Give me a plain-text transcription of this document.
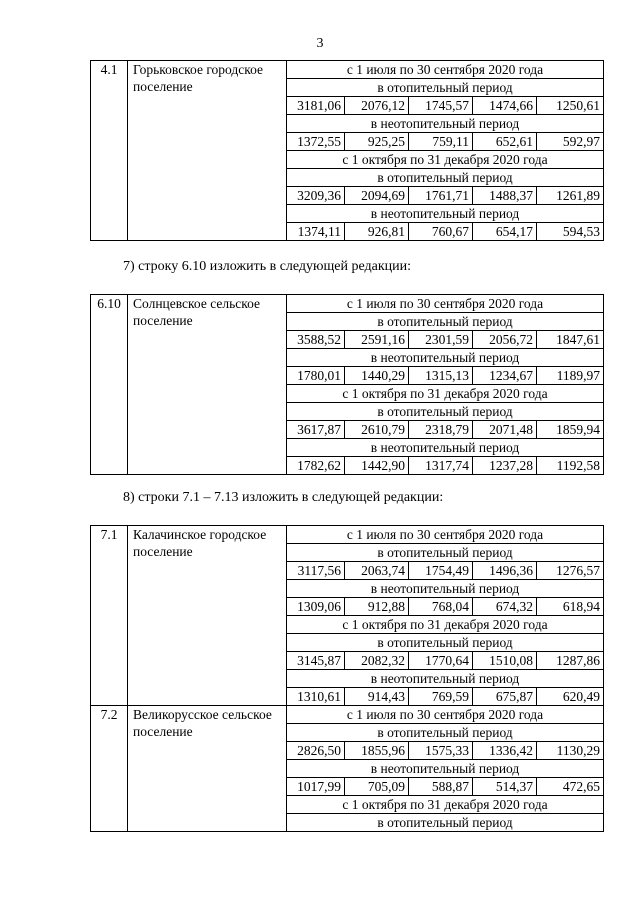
3
4.1	Горьковское городское поселение	с 1 июля по 30 сентября 2020 года				
		в отопительный период				
		3181,06	2076,12	1745,57	1474,66	1250,61
		в неотопительный период				
		1372,55	925,25	759,11	652,61	592,97
		с 1 октября по 31 декабря 2020 года				
		в отопительный период				
		3209,36	2094,69	1761,71	1488,37	1261,89
		в неотопительный период				
		1374,11	926,81	760,67	654,17	594,53
7) строку 6.10 изложить в следующей редакции:
6.10	Солнцевское сельское поселение	с 1 июля по 30 сентября 2020 года				
		в отопительный период				
		3588,52	2591,16	2301,59	2056,72	1847,61
		в неотопительный период				
		1780,01	1440,29	1315,13	1234,67	1189,97
		с 1 октября по 31 декабря 2020 года				
		в отопительный период				
		3617,87	2610,79	2318,79	2071,48	1859,94
		в неотопительный период				
		1782,62	1442,90	1317,74	1237,28	1192,58
8) строки 7.1 – 7.13 изложить в следующей редакции:
7.1	Калачинское городское поселение	с 1 июля по 30 сентября 2020 года				
		в отопительный период				
		3117,56	2063,74	1754,49	1496,36	1276,57
		в неотопительный период				
		1309,06	912,88	768,04	674,32	618,94
		с 1 октября по 31 декабря 2020 года				
		в отопительный период				
		3145,87	2082,32	1770,64	1510,08	1287,86
		в неотопительный период				
		1310,61	914,43	769,59	675,87	620,49
7.2	Великорусское сельское поселение	с 1 июля по 30 сентября 2020 года				
		в отопительный период				
		2826,50	1855,96	1575,33	1336,42	1130,29
		в неотопительный период				
		1017,99	705,09	588,87	514,37	472,65
		с 1 октября по 31 декабря 2020 года				
		в отопительный период				
